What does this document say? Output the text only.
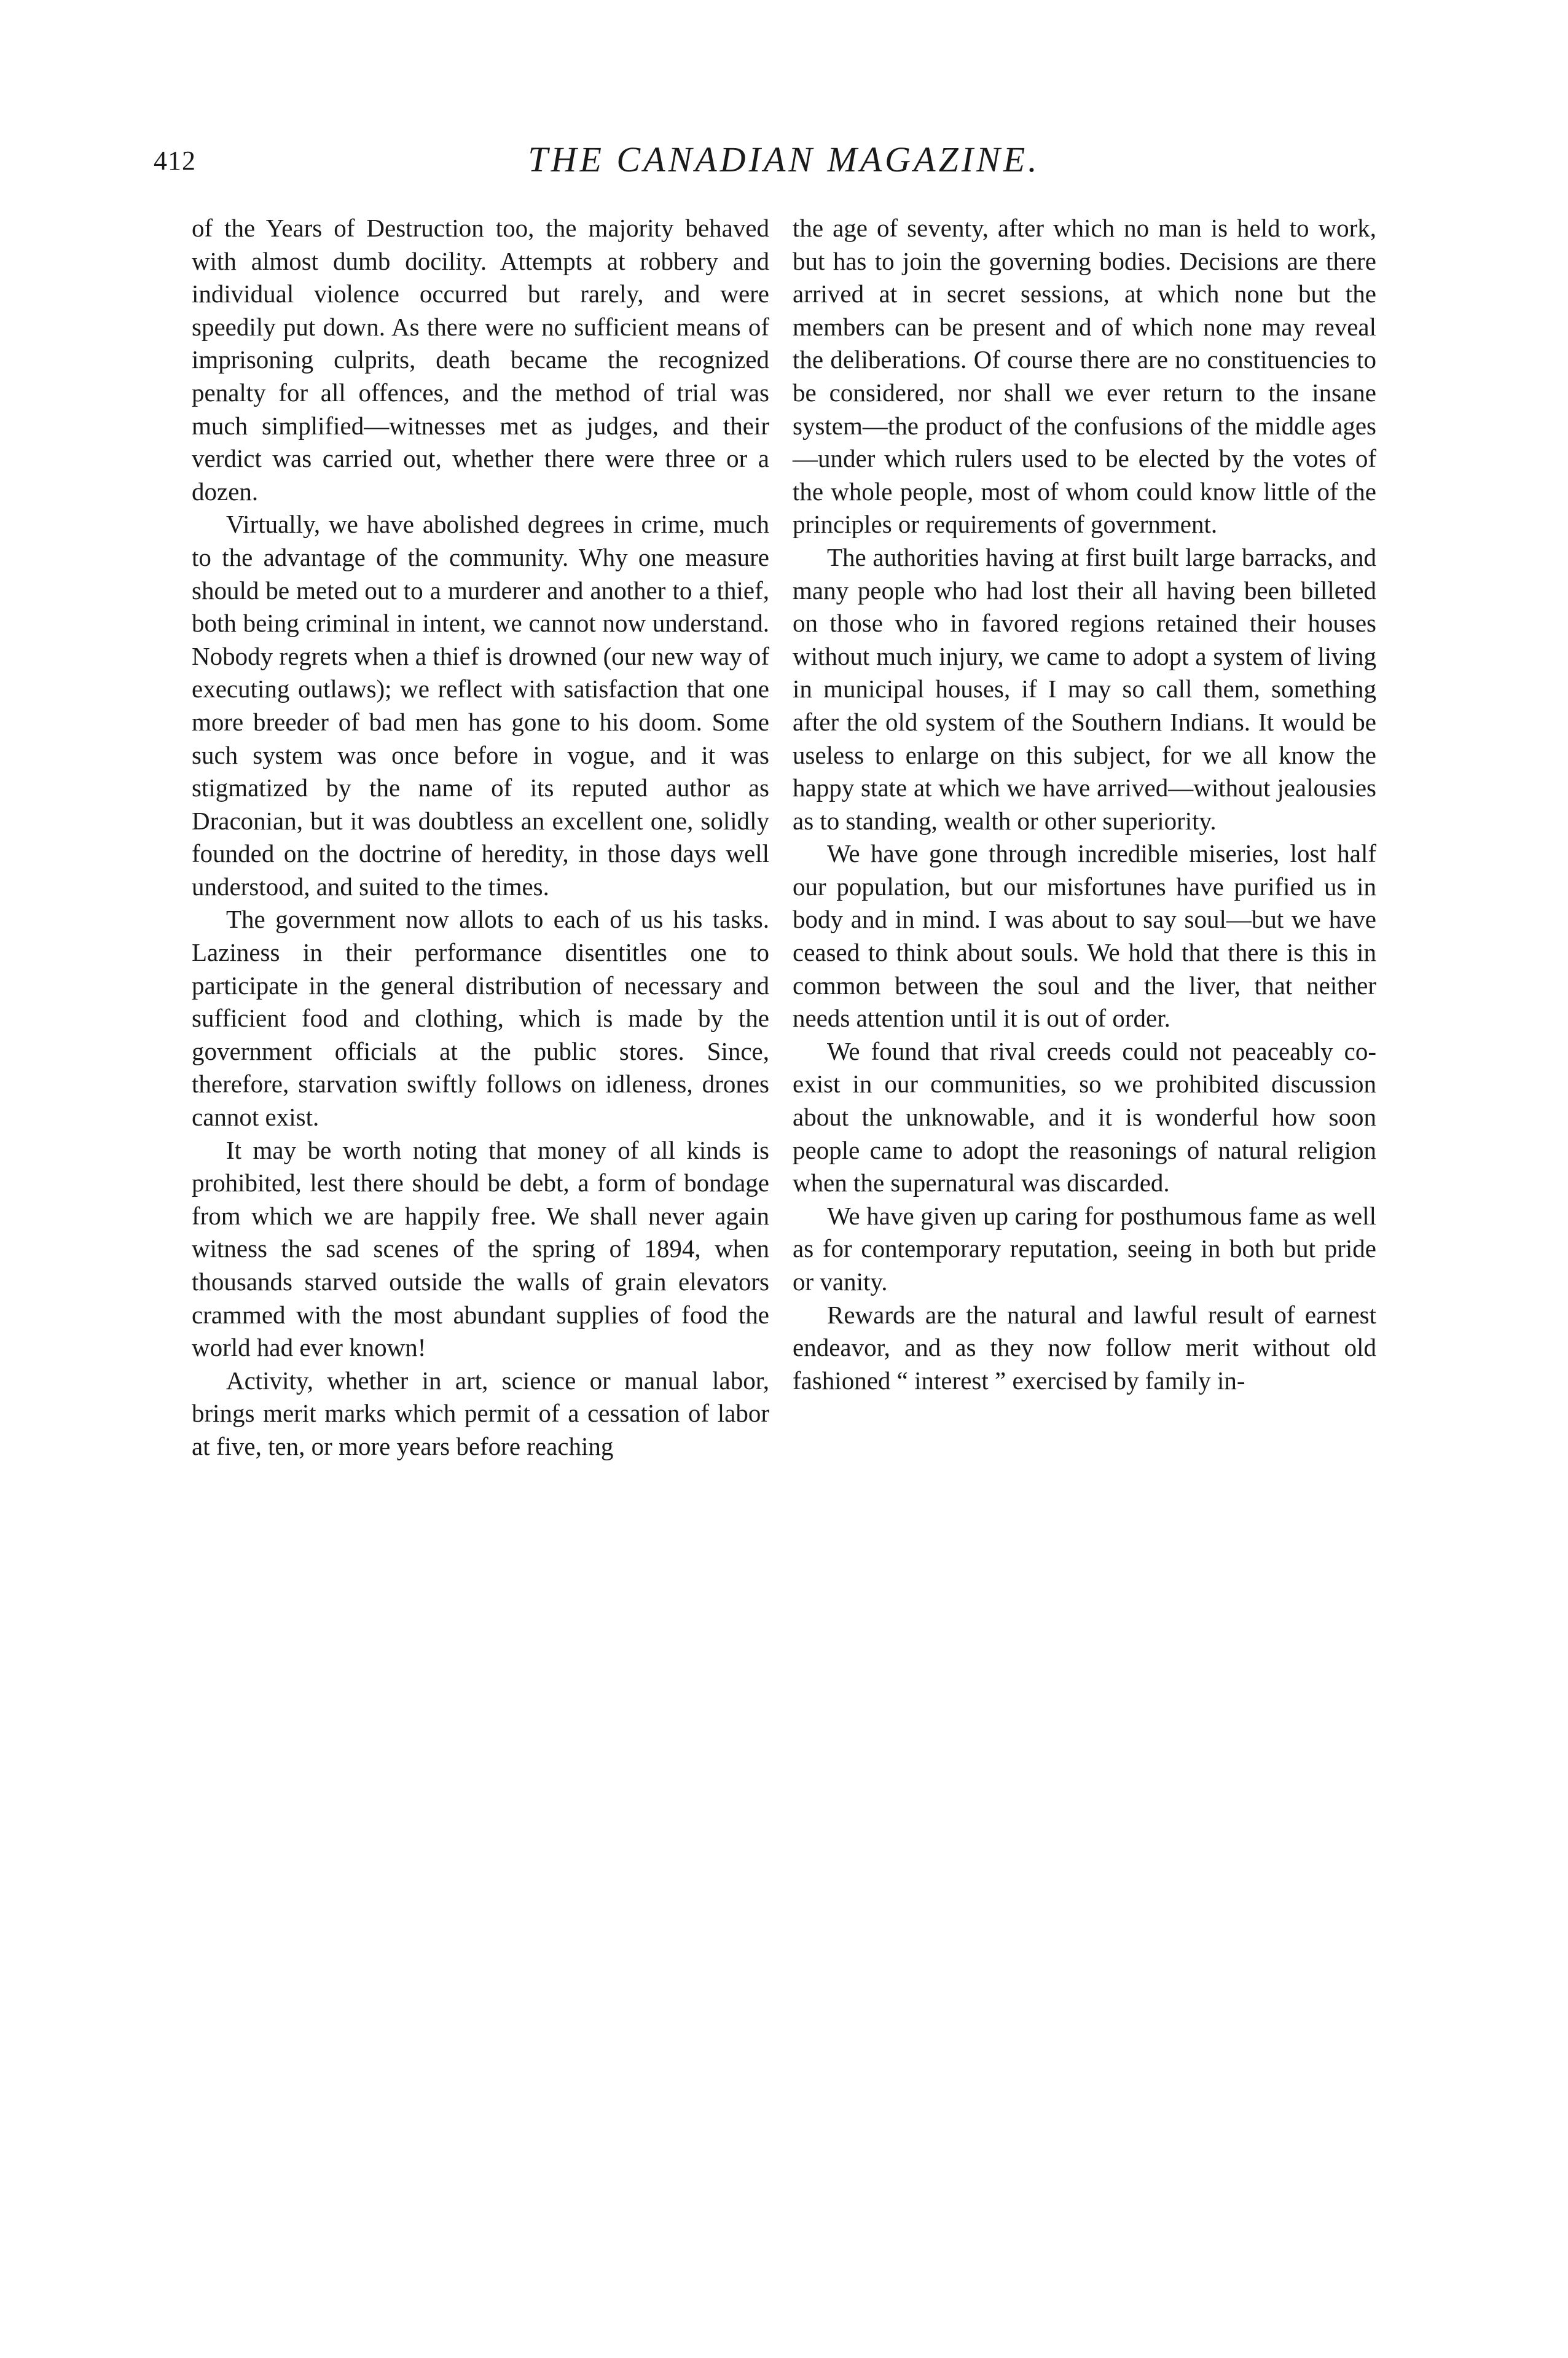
412	THE CANADIAN MAGAZINE.

of the Years of Destruction too, the majority behaved with almost dumb docility. Attempts at robbery and individual violence occurred but rarely, and were speedily put down. As there were no sufficient means of imprisoning culprits, death became the recognized penalty for all offences, and the method of trial was much simplified—witnesses met as judges, and their verdict was carried out, whether there were three or a dozen.

Virtually, we have abolished degrees in crime, much to the advantage of the community. Why one measure should be meted out to a murderer and another to a thief, both being criminal in intent, we cannot now understand. Nobody regrets when a thief is drowned (our new way of executing outlaws); we reflect with satisfaction that one more breeder of bad men has gone to his doom. Some such system was once before in vogue, and it was stigmatized by the name of its reputed author as Draconian, but it was doubtless an excellent one, solidly founded on the doctrine of heredity, in those days well understood, and suited to the times.

The government now allots to each of us his tasks. Laziness in their performance disentitles one to participate in the general distribution of necessary and sufficient food and clothing, which is made by the government officials at the public stores. Since, therefore, starvation swiftly follows on idleness, drones cannot exist.

It may be worth noting that money of all kinds is prohibited, lest there should be debt, a form of bondage from which we are happily free. We shall never again witness the sad scenes of the spring of 1894, when thousands starved outside the walls of grain elevators crammed with the most abundant supplies of food the world had ever known!

Activity, whether in art, science or manual labor, brings merit marks which permit of a cessation of labor at five, ten, or more years before reaching

the age of seventy, after which no man is held to work, but has to join the governing bodies. Decisions are there arrived at in secret sessions, at which none but the members can be present and of which none may reveal the deliberations. Of course there are no constituencies to be considered, nor shall we ever return to the insane system—the product of the confusions of the middle ages—under which rulers used to be elected by the votes of the whole people, most of whom could know little of the principles or requirements of government.

The authorities having at first built large barracks, and many people who had lost their all having been billeted on those who in favored regions retained their houses without much injury, we came to adopt a system of living in municipal houses, if I may so call them, something after the old system of the Southern Indians. It would be useless to enlarge on this subject, for we all know the happy state at which we have arrived—without jealousies as to standing, wealth or other superiority.

We have gone through incredible miseries, lost half our population, but our misfortunes have purified us in body and in mind. I was about to say soul—but we have ceased to think about souls. We hold that there is this in common between the soul and the liver, that neither needs attention until it is out of order.

We found that rival creeds could not peaceably co-exist in our communities, so we prohibited discussion about the unknowable, and it is wonderful how soon people came to adopt the reasonings of natural religion when the supernatural was discarded.

We have given up caring for posthumous fame as well as for contemporary reputation, seeing in both but pride or vanity.

Rewards are the natural and lawful result of earnest endeavor, and as they now follow merit without old fashioned “ interest ” exercised by family in-
